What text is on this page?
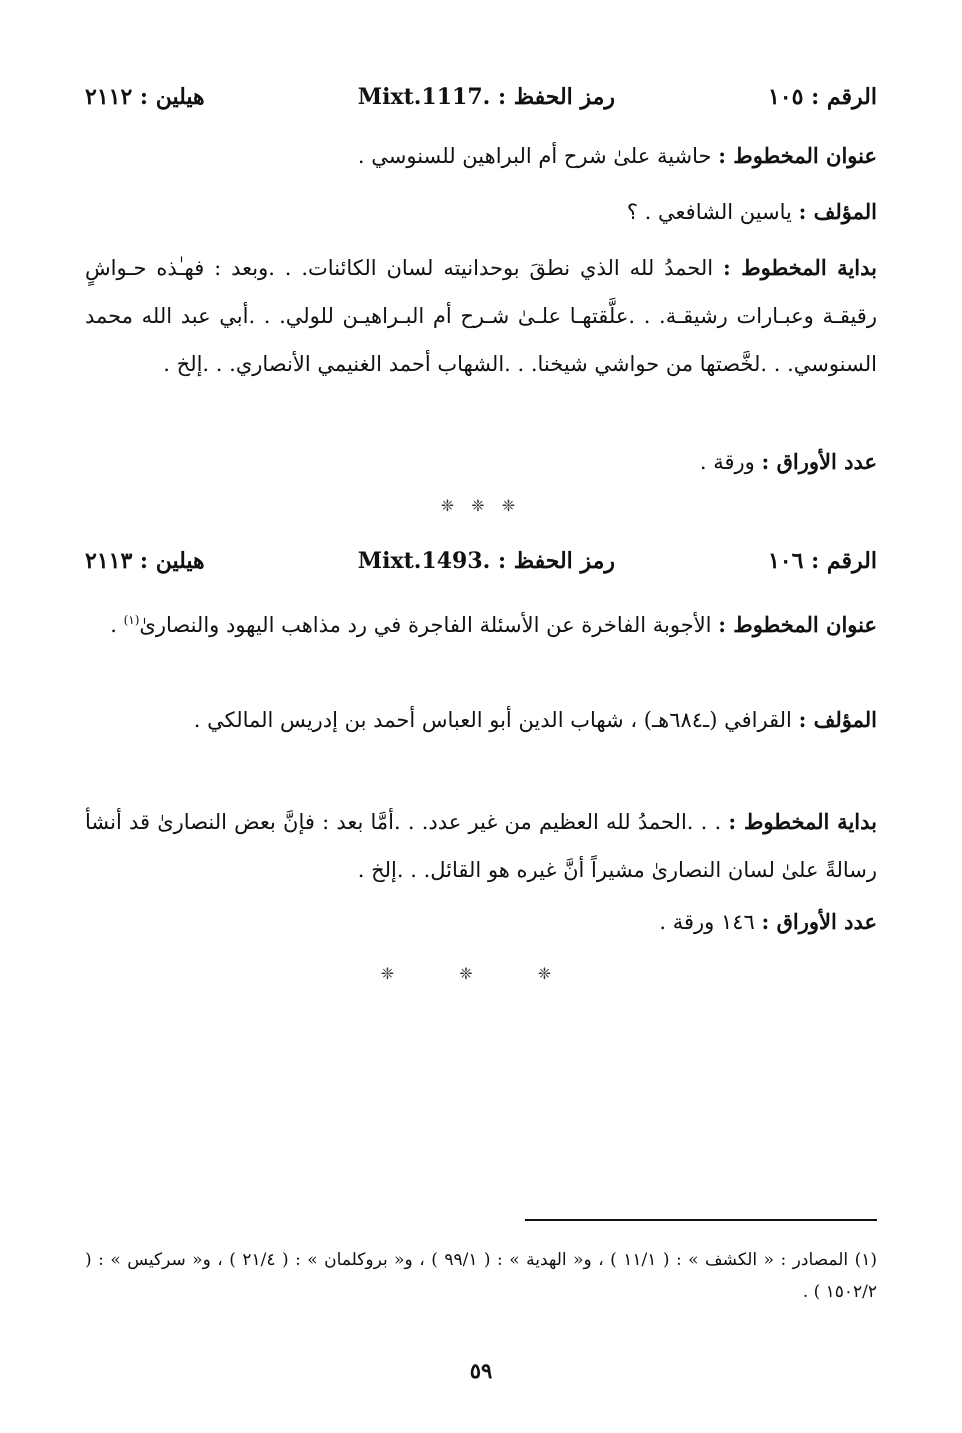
الرقم : ١٠٥
رمز الحفظ : Mixt.1117.
هيلين : ٢١١٢
عنوان المخطوط : حاشية علىٰ شرح أم البراهين للسنوسي .
المؤلف : ياسين الشافعي . ؟
بداية المخطوط : الحمدُ لله الذي نطقَ بوحدانيته لسان الكائنات. . .وبعد : فهـٰذه حـواشٍ رقيقـة وعبـارات رشيقـة. . .علَّقتهـا علـىٰ شـرح أم البـراهيـن للولي. . .أبي عبد الله محمد السنوسي. . .لخَّصتها من حواشي شيخنا. . .الشهاب أحمد الغنيمي الأنصاري. . .إلخ .
عدد الأوراق : ورقة .
❈ ❈ ❈
الرقم : ١٠٦
رمز الحفظ : Mixt.1493.
هيلين : ٢١١٣
عنوان المخطوط : الأجوبة الفاخرة عن الأسئلة الفاجرة في رد مذاهب اليهود والنصارىٰ$^{(١)}$ .
المؤلف : القرافي (ـ٦٨٤هـ) ، شهاب الدين أبو العباس أحمد بن إدريس المالكي .
بداية المخطوط : . . .الحمدُ لله العظيم من غير عدد. . .أمَّا بعد : فإنَّ بعض النصارىٰ قد أنشأ رسالةً علىٰ لسان النصارىٰ مشيراً أنَّ غيره هو القائل. . .إلخ .
عدد الأوراق : ١٤٦ ورقة .
❈ ❈ ❈
(١) المصادر : « الكشف » : ( ١١/١ ) ، و« الهدية » : ( ٩٩/١ ) ، و« بروكلمان » : ( ٢١/٤ ) ، و« سركيس » : ( ١٥٠٢/٢ ) .
٥٩
